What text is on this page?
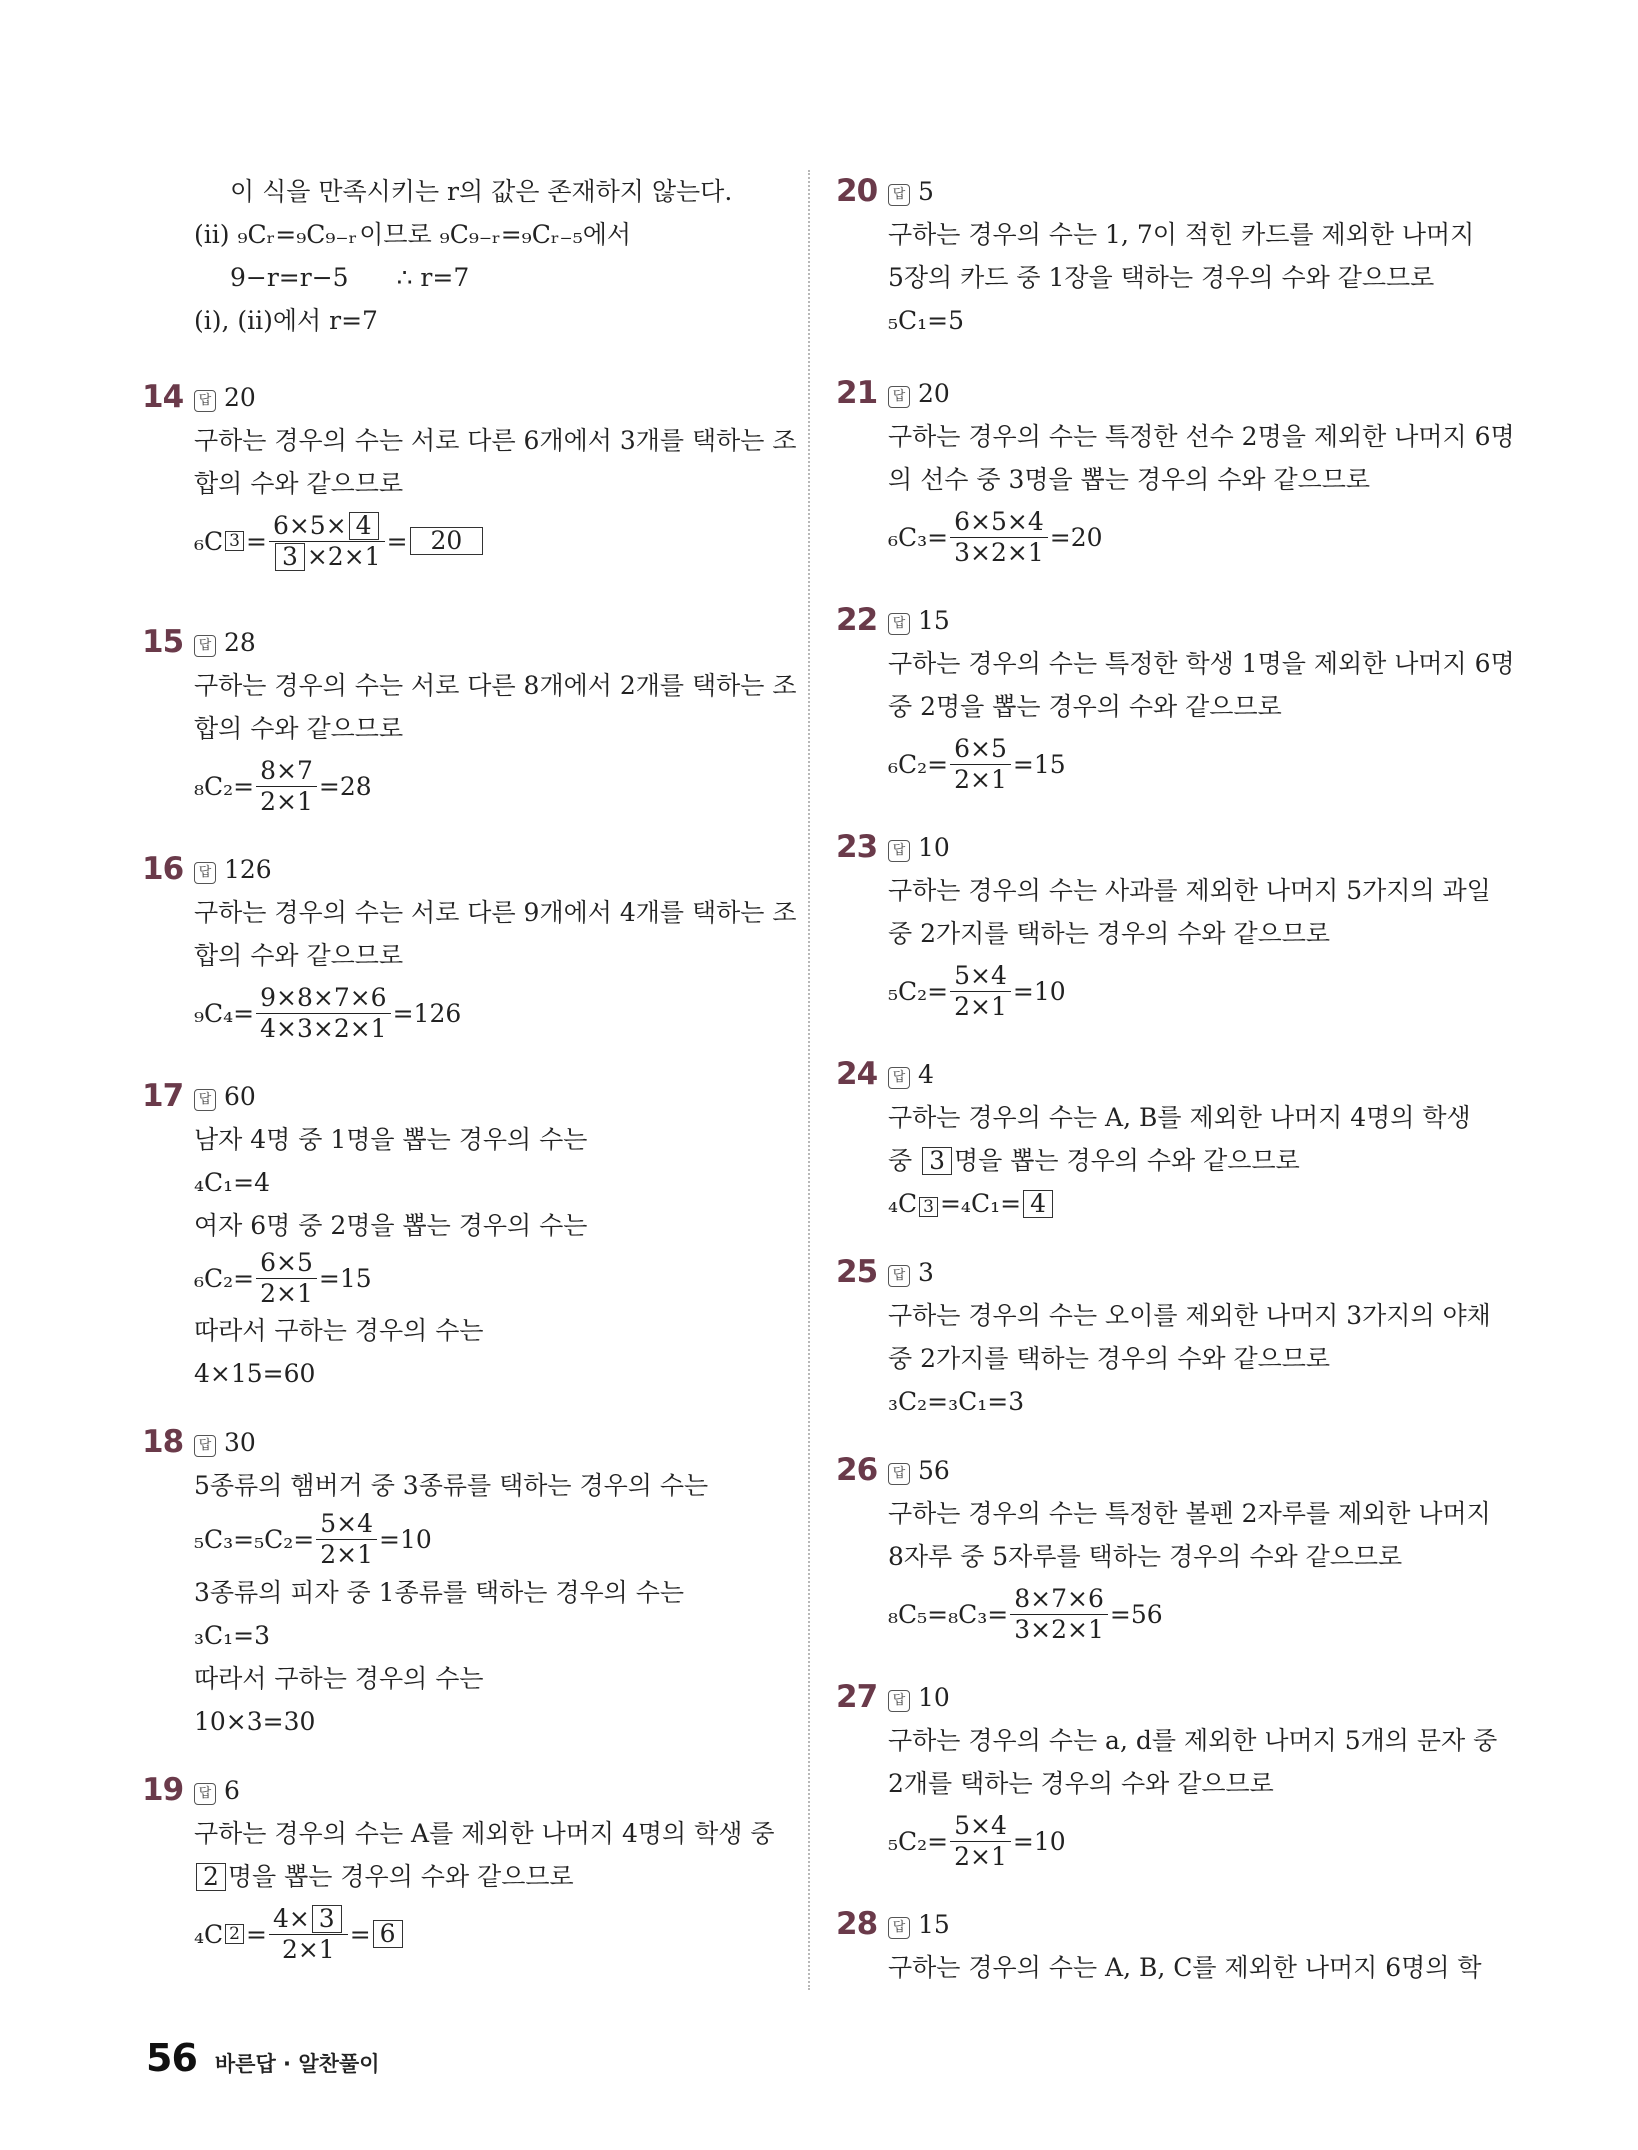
이 식을 만족시키는 r의 값은 존재하지 않는다.
(ii) ₉Cᵣ=₉C₉₋ᵣ이므로 ₉C₉₋ᵣ=₉Cᵣ₋₅에서
9−r=r−5 ∴ r=7
(i), (ii)에서 r=7
14	답 20
구하는 경우의 수는 서로 다른 6개에서 3개를 택하는 조
합의 수와 같으므로
₆C $3 = \frac{6\times 5\times 4}{3 \times 2\times 1} = 20$
15	답 28
구하는 경우의 수는 서로 다른 8개에서 2개를 택하는 조
합의 수와 같으므로
$_8C_2= \frac{8\times 7}{2\times 1} =28$
16	답 126
구하는 경우의 수는 서로 다른 9개에서 4개를 택하는 조
합의 수와 같으므로
$_9C_4= \frac{9\times 8\times 7\times 6}{4\times 3\times 2\times 1} =126$
17	답 60
남자 4명 중 1명을 뽑는 경우의 수는
₄C₁=4
여자 6명 중 2명을 뽑는 경우의 수는
$_6C_2= \frac{6\times 5}{2\times 1} =15$
따라서 구하는 경우의 수는
4×15=60
18	답 30
5종류의 햄버거 중 3종류를 택하는 경우의 수는
$_5C_3=_5C_2= \frac{5\times 4}{2\times 1} =10$
3종류의 피자 중 1종류를 택하는 경우의 수는
₃C₁=3
따라서 구하는 경우의 수는
10×3=30
19	답 6
구하는 경우의 수는 A를 제외한 나머지 4명의 학생 중
2 명을 뽑는 경우의 수와 같으므로
₄C $2 = \frac{4\times 3}{2\times 1} = 6$
20	답 5
구하는 경우의 수는 1, 7이 적힌 카드를 제외한 나머지
5장의 카드 중 1장을 택하는 경우의 수와 같으므로
₅C₁=5
21	답 20
구하는 경우의 수는 특정한 선수 2명을 제외한 나머지 6명
의 선수 중 3명을 뽑는 경우의 수와 같으므로
$_6C_3= \frac{6\times 5\times 4}{3\times 2\times 1} =20$
22	답 15
구하는 경우의 수는 특정한 학생 1명을 제외한 나머지 6명
중 2명을 뽑는 경우의 수와 같으므로
$_6C_2= \frac{6\times 5}{2\times 1} =15$
23	답 10
구하는 경우의 수는 사과를 제외한 나머지 5가지의 과일
중 2가지를 택하는 경우의 수와 같으므로
$_5C_2= \frac{5\times 4}{2\times 1} =10$
24	답 4
구하는 경우의 수는 A, B를 제외한 나머지 4명의 학생
중 3 명을 뽑는 경우의 수와 같으므로
₄C 3 =₄C₁= 4
25	답 3
구하는 경우의 수는 오이를 제외한 나머지 3가지의 야채
중 2가지를 택하는 경우의 수와 같으므로
₃C₂=₃C₁=3
26	답 56
구하는 경우의 수는 특정한 볼펜 2자루를 제외한 나머지
8자루 중 5자루를 택하는 경우의 수와 같으므로
$_8C_5=_8C_3= \frac{8\times 7\times 6}{3\times 2\times 1} =56$
27	답 10
구하는 경우의 수는 a, d를 제외한 나머지 5개의 문자 중
2개를 택하는 경우의 수와 같으므로
$_5C_2= \frac{5\times 4}{2\times 1} =10$
28	답 15
구하는 경우의 수는 A, B, C를 제외한 나머지 6명의 학
56 바른답 · 알찬풀이
